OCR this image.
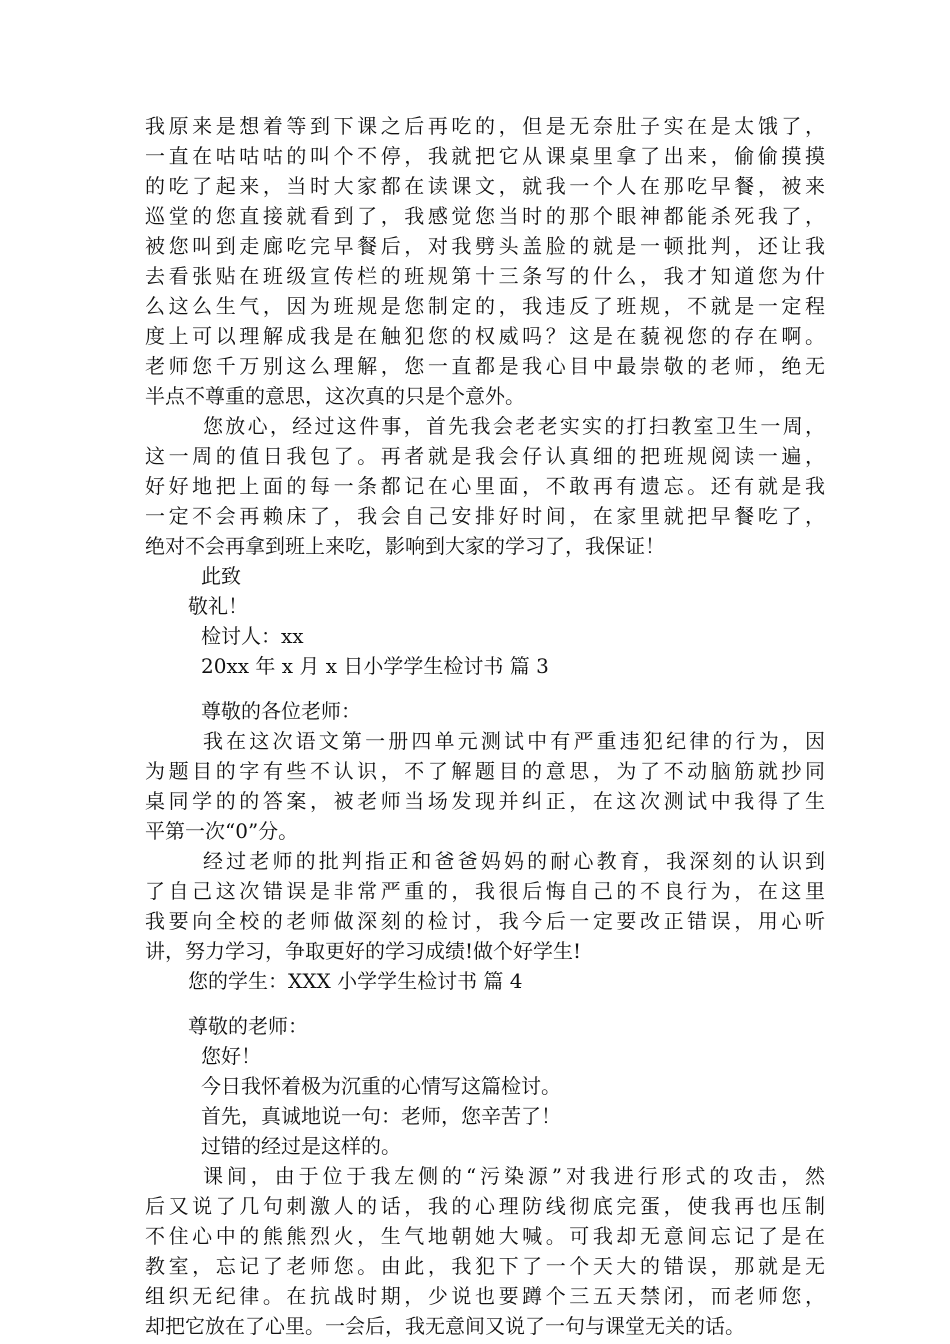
我原来是想着等到下课之后再吃的，但是无奈肚子实在是太饿了，
一直在咕咕咕的叫个不停，我就把它从课桌里拿了出来，偷偷摸摸
的吃了起来，当时大家都在读课文，就我一个人在那吃早餐，被来
巡堂的您直接就看到了，我感觉您当时的那个眼神都能杀死我了，
被您叫到走廊吃完早餐后，对我劈头盖脸的就是一顿批判，还让我
去看张贴在班级宣传栏的班规第十三条写的什么，我才知道您为什
么这么生气，因为班规是您制定的，我违反了班规，不就是一定程
度上可以理解成我是在触犯您的权威吗？这是在藐视您的存在啊。
老师您千万别这么理解，您一直都是我心目中最崇敬的老师，绝无
半点不尊重的意思，这次真的只是个意外。
您放心，经过这件事，首先我会老老实实的打扫教室卫生一周，
这一周的值日我包了。再者就是我会仔认真细的把班规阅读一遍，
好好地把上面的每一条都记在心里面，不敢再有遗忘。还有就是我
一定不会再赖床了，我会自己安排好时间，在家里就把早餐吃了，
绝对不会再拿到班上来吃，影响到大家的学习了，我保证！
此致
敬礼！
检讨人：xx
20xx 年 x 月 x 日小学学生检讨书 篇 3
尊敬的各位老师：
我在这次语文第一册四单元测试中有严重违犯纪律的行为，因
为题目的字有些不认识，不了解题目的意思，为了不动脑筋就抄同
桌同学的的答案，被老师当场发现并纠正，在这次测试中我得了生
平第一次“0”分。
经过老师的批判指正和爸爸妈妈的耐心教育，我深刻的认识到
了自己这次错误是非常严重的，我很后悔自己的不良行为，在这里
我要向全校的老师做深刻的检讨，我今后一定要改正错误，用心听
讲，努力学习，争取更好的学习成绩!做个好学生!
您的学生：XXX 小学学生检讨书 篇 4
尊敬的老师：
您好！
今日我怀着极为沉重的心情写这篇检讨。
首先，真诚地说一句：老师，您辛苦了！
过错的经过是这样的。
课间，由于位于我左侧的“污染源”对我进行形式的攻击，然
后又说了几句刺激人的话，我的心理防线彻底完蛋，使我再也压制
不住心中的熊熊烈火，生气地朝她大喊。可我却无意间忘记了是在
教室，忘记了老师您。由此，我犯下了一个天大的错误，那就是无
组织无纪律。在抗战时期，少说也要蹲个三五天禁闭，而老师您，
却把它放在了心里。一会后，我无意间又说了一句与课堂无关的话。
